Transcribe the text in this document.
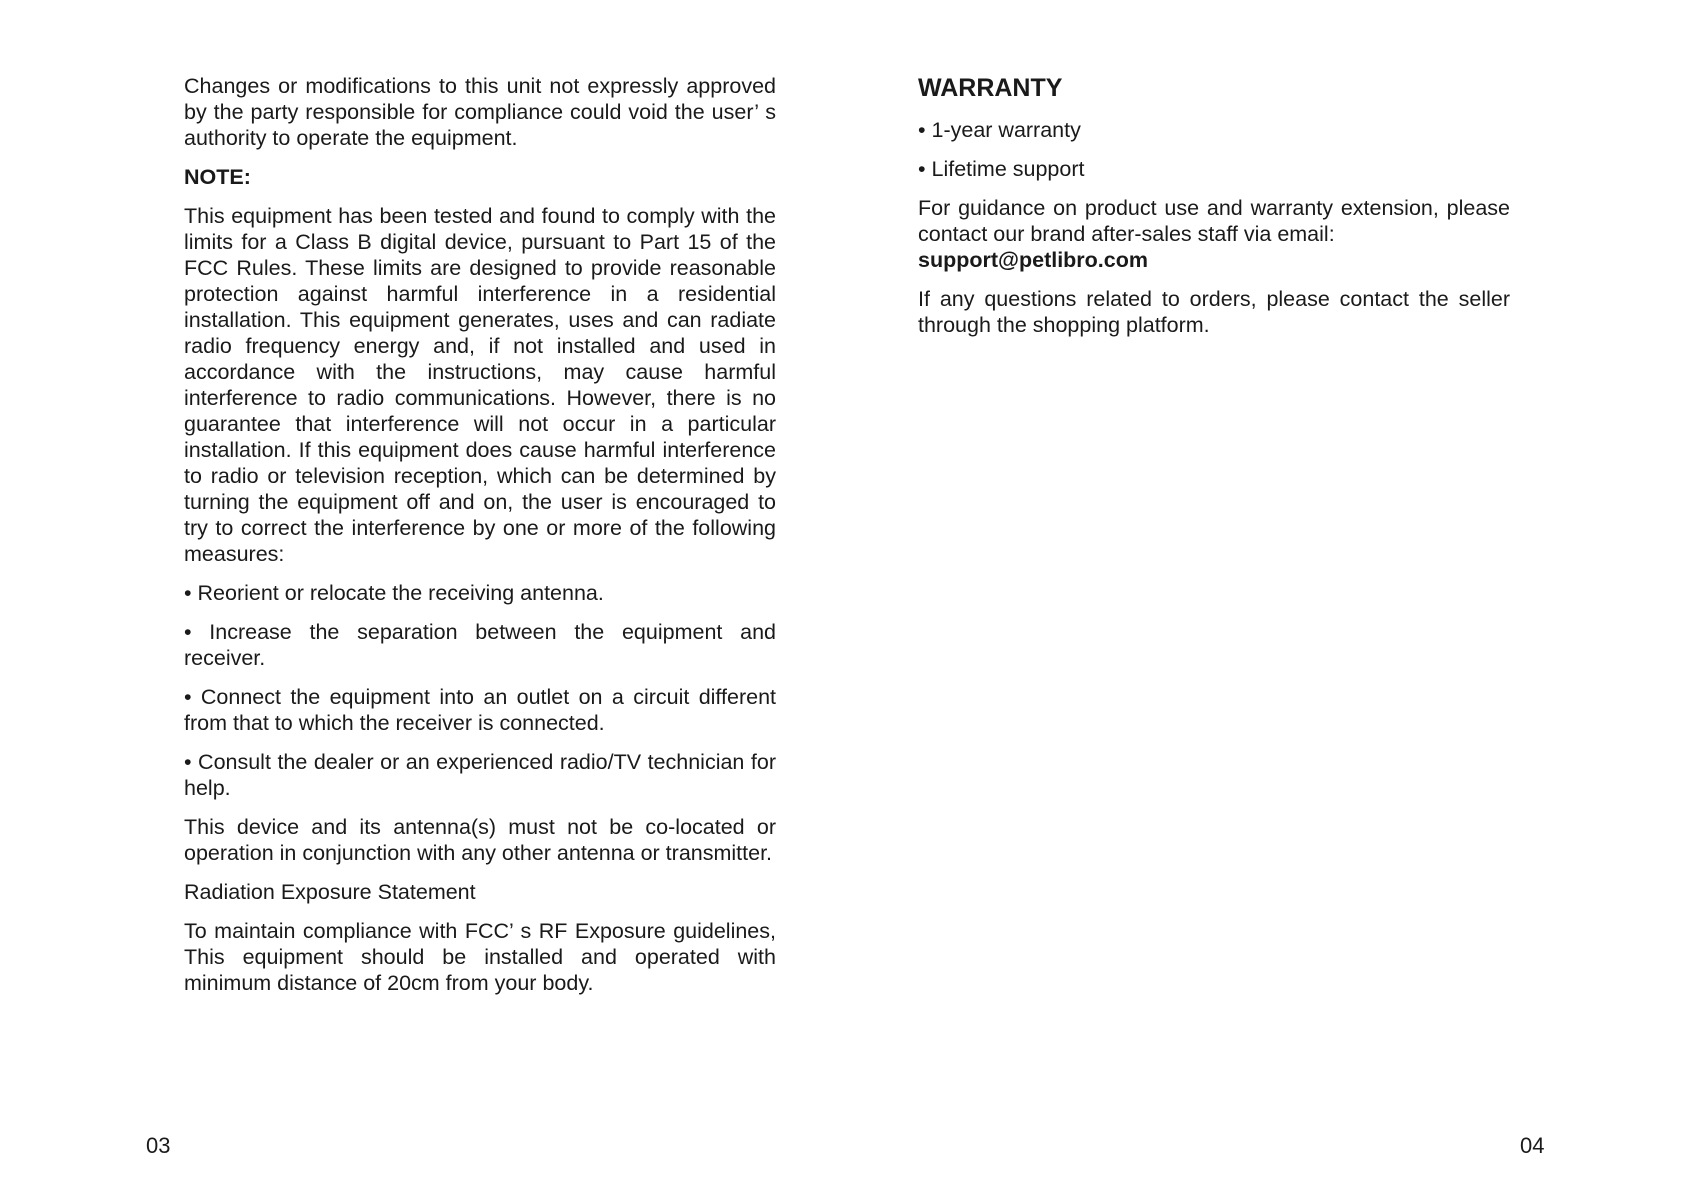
Changes or modifications to this unit not expressly approved by the party responsible for compliance could void the user’ s authority to operate the equipment.

NOTE:

This equipment has been tested and found to comply with the limits for a Class B digital device, pursuant to Part 15 of the FCC Rules. These limits are designed to provide reasonable protection against harmful interference in a residential installation. This equipment generates, uses and can radiate radio frequency energy and, if not installed and used in accordance with the instructions, may cause harmful interference to radio communications. However, there is no guarantee that interference will not occur in a particular installation. If this equipment does cause harmful interference to radio or television reception, which can be determined by turning the equipment off and on, the user is encouraged to try to correct the interference by one or more of the following measures:

• Reorient or relocate the receiving antenna.

• Increase the separation between the equipment and receiver.

• Connect the equipment into an outlet on a circuit different from that to which the receiver is connected.

• Consult the dealer or an experienced radio/TV technician for help.

This device and its antenna(s) must not be co-located or operation in conjunction with any other antenna or transmitter.

Radiation Exposure Statement

To maintain compliance with FCC’ s RF Exposure guidelines, This equipment should be installed and operated with minimum distance of 20cm from your body.

03
WARRANTY

• 1-year warranty

• Lifetime support

For guidance on product use and warranty extension, please contact our brand after-sales staff via email:
support@petlibro.com

If any questions related to orders, please contact the seller through the shopping platform.

04
